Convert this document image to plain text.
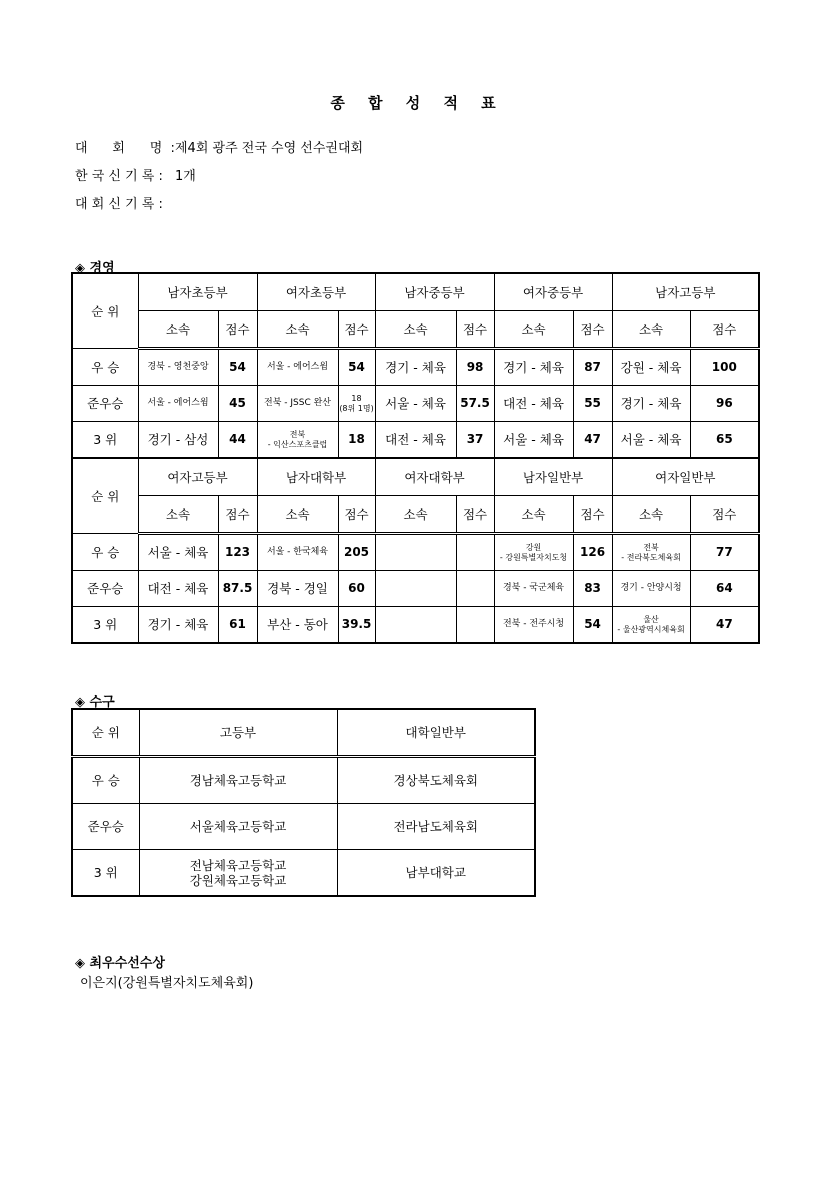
종 합 성 적 표
대      회      명  :제4회 광주 전국 수영 선수권대회
한 국 신 기 록 : 1개
대 회 신 기 록 :
◈ 경영
순 위	남자초등부		여자초등부		남자중등부		여자중등부		남자고등부	
	소속	점수	소속	점수	소속	점수	소속	점수	소속	점수
우 승	경북 - 영천중앙	54	서울 - 에어스윔	54	경기 - 체육	98	경기 - 체육	87	강원 - 체육	100
준우승	서울 - 에어스윔	45	전북 - JSSC 완산	18
(8위 1명)	서울 - 체육	57.5	대전 - 체육	55	경기 - 체육	96
3 위	경기 - 삼성	44	전북
- 익산스포츠클럽	18	대전 - 체육	37	서울 - 체육	47	서울 - 체육	65
순 위	여자고등부		남자대학부		여자대학부		남자일반부		여자일반부	
	소속	점수	소속	점수	소속	점수	소속	점수	소속	점수
우 승	서울 - 체육	123	서울 - 한국체육	205			강원
- 강원특별자치도청	126	전북
- 전라북도체육회	77
준우승	대전 - 체육	87.5	경북 - 경일	60			경북 - 국군체육	83	경기 - 안양시청	64
3 위	경기 - 체육	61	부산 - 동아	39.5			전북 - 전주시청	54	울산
- 울산광역시체육회	47
◈ 수구
순 위	고등부	대학일반부
우 승	경남체육고등학교	경상북도체육회
준우승	서울체육고등학교	전라남도체육회
3 위	전남체육고등학교
강원체육고등학교	남부대학교
◈ 최우수선수상
이은지(강원특별자치도체육회)
